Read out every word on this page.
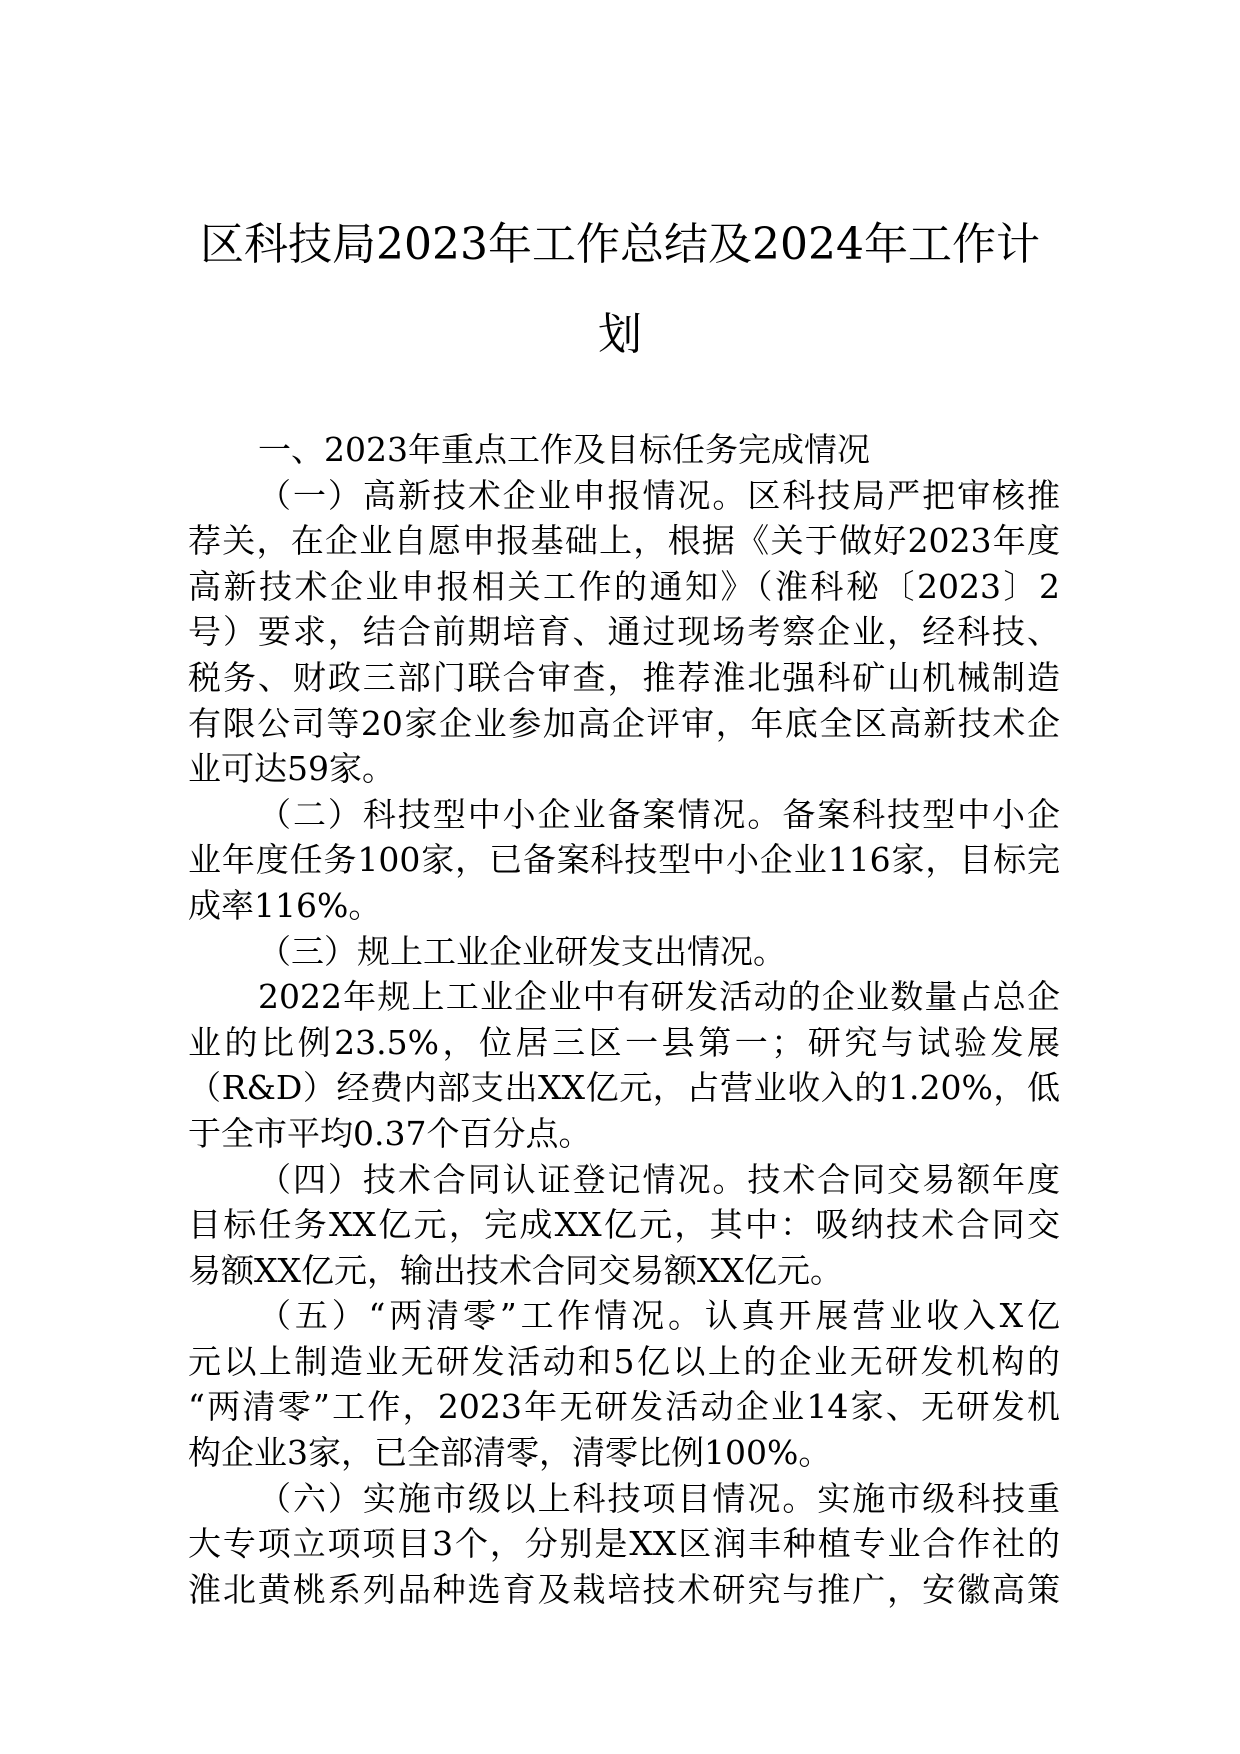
区科技局2023年工作总结及2024年工作计
划
一、2023年重点工作及目标任务完成情况
（一）高新技术企业申报情况。区科技局严把审核推
荐关，在企业自愿申报基础上，根据《关于做好2023年度
高新技术企业申报相关工作的通知》（淮科秘〔2023〕2
号）要求，结合前期培育、通过现场考察企业，经科技、
税务、财政三部门联合审查，推荐淮北强科矿山机械制造
有限公司等20家企业参加高企评审，年底全区高新技术企
业可达59家。
（二）科技型中小企业备案情况。备案科技型中小企
业年度任务100家，已备案科技型中小企业116家，目标完
成率116%。
（三）规上工业企业研发支出情况。
2022年规上工业企业中有研发活动的企业数量占总企
业的比例23.5%，位居三区一县第一；研究与试验发展
（R&D）经费内部支出XX亿元，占营业收入的1.20%，低
于全市平均0.37个百分点。
（四）技术合同认证登记情况。技术合同交易额年度
目标任务XX亿元，完成XX亿元，其中：吸纳技术合同交
易额XX亿元，输出技术合同交易额XX亿元。
（五）“两清零”工作情况。认真开展营业收入X亿
元以上制造业无研发活动和5亿以上的企业无研发机构的
“两清零”工作，2023年无研发活动企业14家、无研发机
构企业3家，已全部清零，清零比例100%。
（六）实施市级以上科技项目情况。实施市级科技重
大专项立项项目3个，分别是XX区润丰种植专业合作社的
淮北黄桃系列品种选育及栽培技术研究与推广，安徽高策
